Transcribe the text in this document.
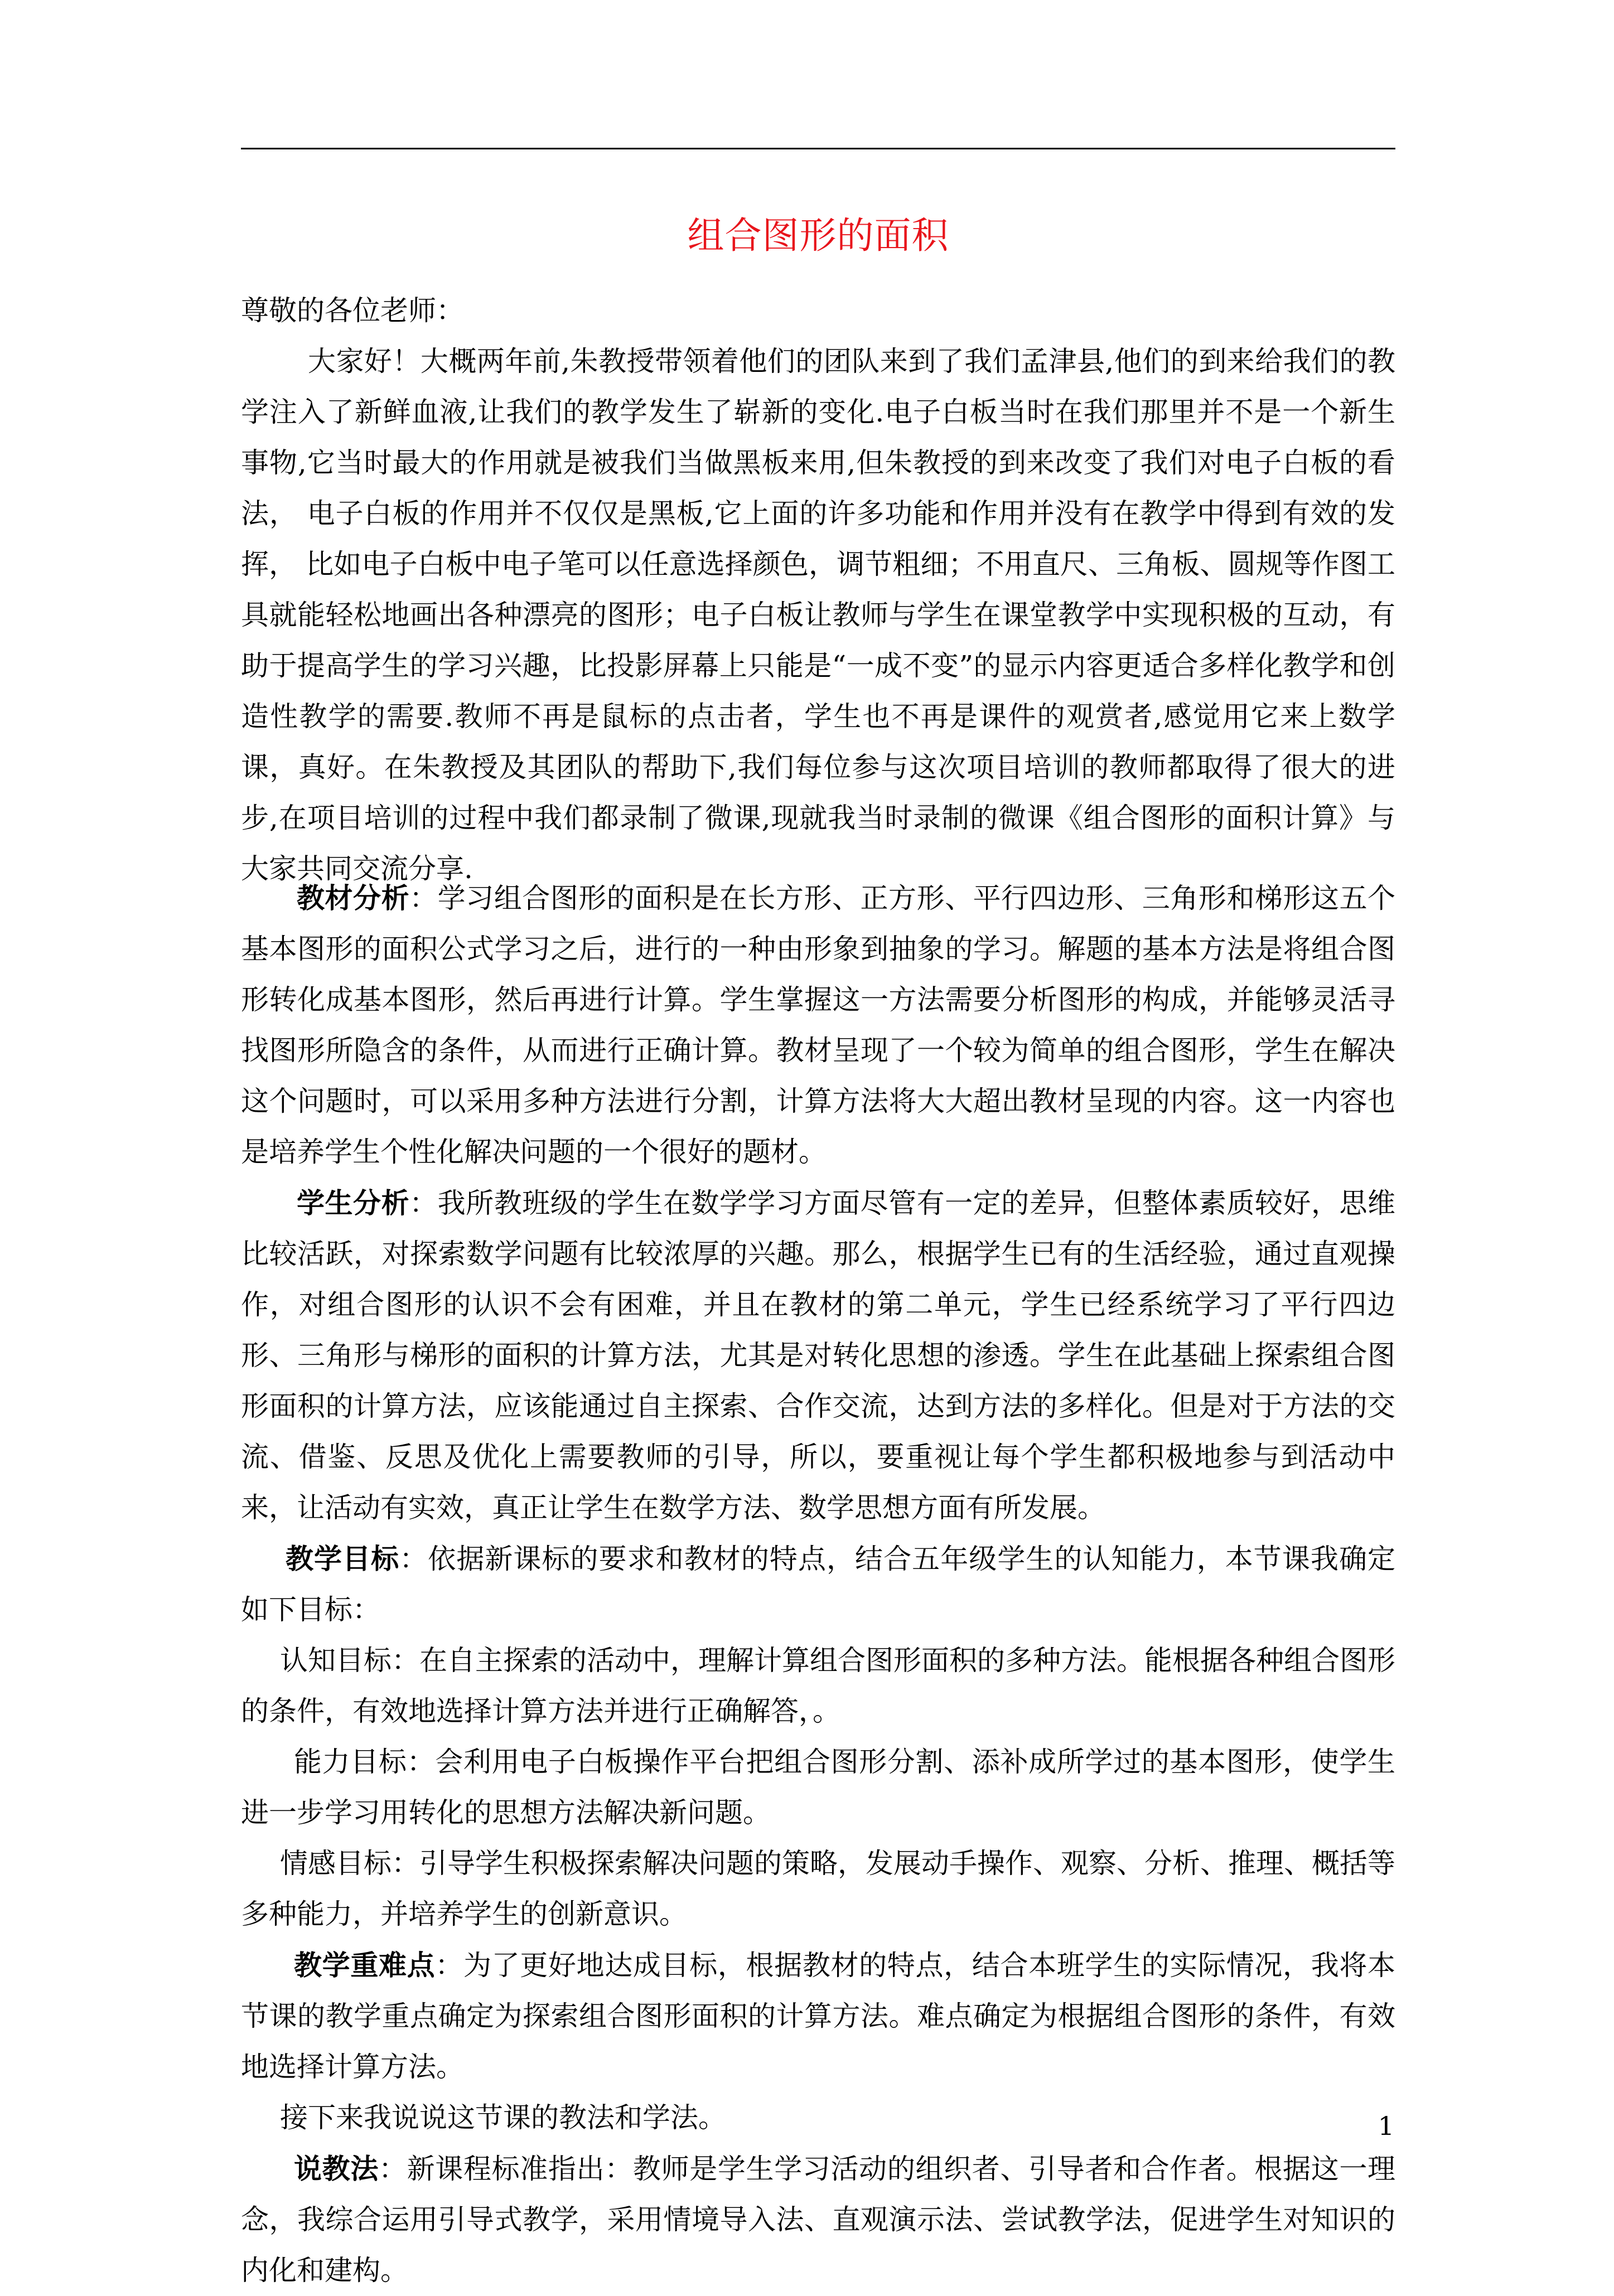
组合图形的面积

尊敬的各位老师：

大家好！大概两年前,朱教授带领着他们的团队来到了我们孟津县,他们的到来给我们的教学注入了新鲜血液,让我们的教学发生了崭新的变化.电子白板当时在我们那里并不是一个新生事物,它当时最大的作用就是被我们当做黑板来用,但朱教授的到来改变了我们对电子白板的看法， 电子白板的作用并不仅仅是黑板,它上面的许多功能和作用并没有在教学中得到有效的发挥， 比如电子白板中电子笔可以任意选择颜色，调节粗细；不用直尺、三角板、圆规等作图工具就能轻松地画出各种漂亮的图形；电子白板让教师与学生在课堂教学中实现积极的互动，有助于提高学生的学习兴趣，比投影屏幕上只能是“一成不变”的显示内容更适合多样化教学和创造性教学的需要.教师不再是鼠标的点击者，学生也不再是课件的观赏者,感觉用它来上数学课，真好。在朱教授及其团队的帮助下,我们每位参与这次项目培训的教师都取得了很大的进步,在项目培训的过程中我们都录制了微课,现就我当时录制的微课《组合图形的面积计算》与大家共同交流分享.

教材分析：学习组合图形的面积是在长方形、正方形、平行四边形、三角形和梯形这五个基本图形的面积公式学习之后，进行的一种由形象到抽象的学习。解题的基本方法是将组合图形转化成基本图形，然后再进行计算。学生掌握这一方法需要分析图形的构成，并能够灵活寻找图形所隐含的条件，从而进行正确计算。教材呈现了一个较为简单的组合图形，学生在解决这个问题时，可以采用多种方法进行分割，计算方法将大大超出教材呈现的内容。这一内容也是培养学生个性化解决问题的一个很好的题材。

学生分析：我所教班级的学生在数学学习方面尽管有一定的差异，但整体素质较好，思维比较活跃，对探索数学问题有比较浓厚的兴趣。那么，根据学生已有的生活经验，通过直观操作，对组合图形的认识不会有困难，并且在教材的第二单元，学生已经系统学习了平行四边形、三角形与梯形的面积的计算方法，尤其是对转化思想的渗透。学生在此基础上探索组合图形面积的计算方法，应该能通过自主探索、合作交流，达到方法的多样化。但是对于方法的交流、借鉴、反思及优化上需要教师的引导，所以，要重视让每个学生都积极地参与到活动中来，让活动有实效，真正让学生在数学方法、数学思想方面有所发展。

教学目标：依据新课标的要求和教材的特点，结合五年级学生的认知能力，本节课我确定如下目标：

认知目标：在自主探索的活动中，理解计算组合图形面积的多种方法。能根据各种组合图形的条件，有效地选择计算方法并进行正确解答，。

能力目标：会利用电子白板操作平台把组合图形分割、添补成所学过的基本图形，使学生进一步学习用转化的思想方法解决新问题。

情感目标：引导学生积极探索解决问题的策略，发展动手操作、观察、分析、推理、概括等多种能力，并培养学生的创新意识。

教学重难点：为了更好地达成目标，根据教材的特点，结合本班学生的实际情况，我将本节课的教学重点确定为探索组合图形面积的计算方法。难点确定为根据组合图形的条件，有效地选择计算方法。

接下来我说说这节课的教法和学法。

说教法：新课程标准指出：教师是学生学习活动的组织者、引导者和合作者。根据这一理念，我综合运用引导式教学，采用情境导入法、直观演示法、尝试教学法，促进学生对知识的内化和建构。

1
